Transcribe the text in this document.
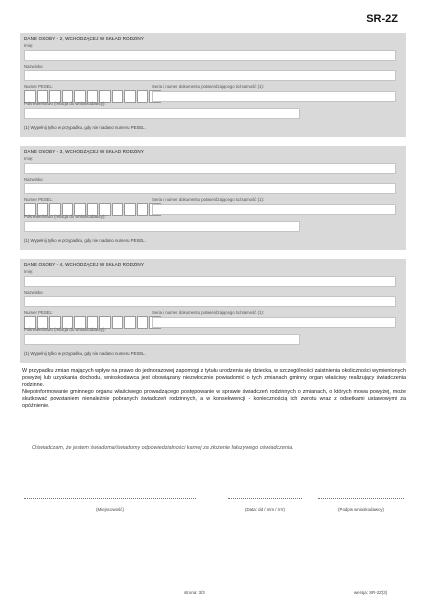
SR-2Z
DANE OSOBY - 2, WCHODZĄCEJ W SKŁAD RODZINY
Imię:
Nazwisko:
Numer PESEL:	Seria i numer dokumentu potwierdzającego tożsamość (1):
Pokrewieństwo (relacja do wnioskodawcy):
(1) Wypełnij tylko w przypadku, gdy nie nadano numeru PESEL.
DANE OSOBY - 3, WCHODZĄCEJ W SKŁAD RODZINY
Imię:
Nazwisko:
Numer PESEL:	Seria i numer dokumentu potwierdzającego tożsamość (1):
Pokrewieństwo (relacja do wnioskodawcy):
(1) Wypełnij tylko w przypadku, gdy nie nadano numeru PESEL.
DANE OSOBY - 4, WCHODZĄCEJ W SKŁAD RODZINY
Imię:
Nazwisko:
Numer PESEL:	Seria i numer dokumentu potwierdzającego tożsamość (1):
Pokrewieństwo (relacja do wnioskodawcy):
(1) Wypełnij tylko w przypadku, gdy nie nadano numeru PESEL.

W przypadku zmian mających wpływ na prawo do jednorazowej zapomogi z tytułu urodzenia się dziecka, w szczególności zaistnienia okoliczności wymienionych powyżej lub uzyskania dochodu, wnioskodawca jest obowiązany niezwłocznie powiadomić o tych zmianach gminny organ właściwy realizujący świadczenia rodzinne.

Niepoinformowanie gminnego organu właściwego prowadzącego postępowanie w sprawie świadczeń rodzinnych o zmianach, o których mowa powyżej, może skutkować powstaniem nienależnie pobranych świadczeń rodzinnych, a w konsekwencji - koniecznością ich zwrotu wraz z odsetkami ustawowymi za opóźnienie.

Oświadczam, że jestem świadoma/świadomy odpowiedzialności karnej za złożenie fałszywego oświadczenia.
(Miejscowość)	(Data: dd / mm / rrrr)	(Podpis wnioskodawcy)
strona: 3/3	wersja: SR-2Z(3)
